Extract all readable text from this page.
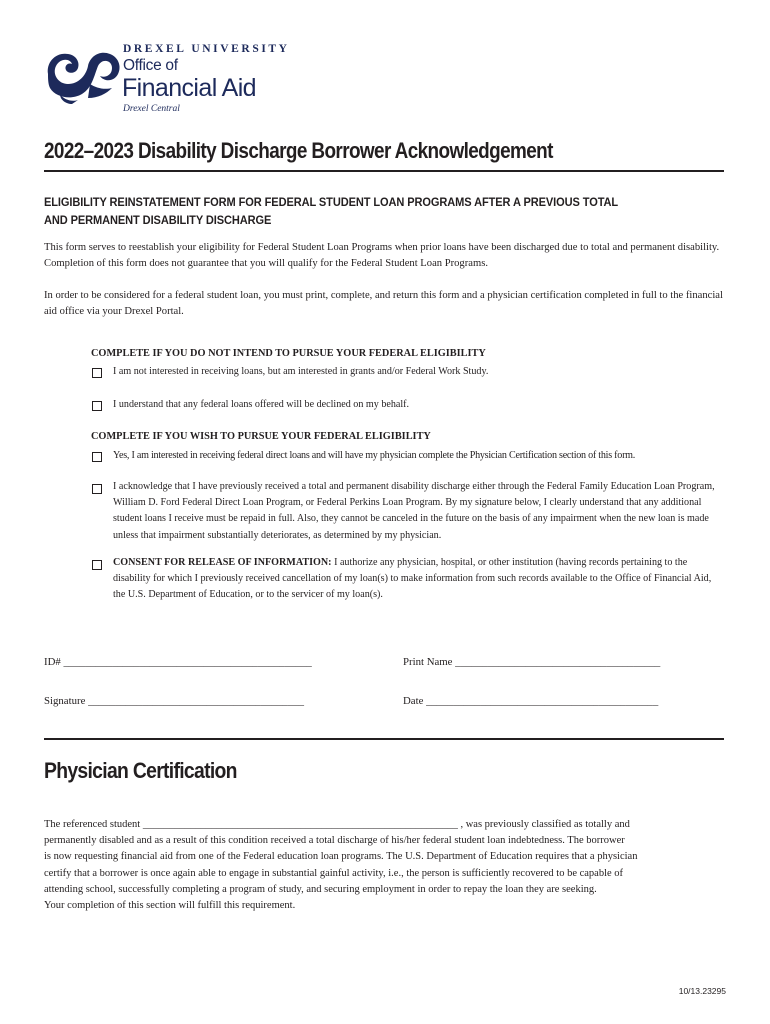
DREXEL UNIVERSITY
Office of
Financial Aid
Drexel Central
2022–2023 Disability Discharge Borrower Acknowledgement
ELIGIBILITY REINSTATEMENT FORM FOR FEDERAL STUDENT LOAN PROGRAMS AFTER A PREVIOUS TOTAL
AND PERMANENT DISABILITY DISCHARGE
This form serves to reestablish your eligibility for Federal Student Loan Programs when prior loans have been discharged due to total and permanent disability. Completion of this form does not guarantee that you will qualify for the Federal Student Loan Programs.
In order to be considered for a federal student loan, you must print, complete, and return this form and a physician certification completed in full to the financial aid office via your Drexel Portal.
COMPLETE IF YOU DO NOT INTEND TO PURSUE YOUR FEDERAL ELIGIBILITY
I am not interested in receiving loans, but am interested in grants and/or Federal Work Study.
I understand that any federal loans offered will be declined on my behalf.
COMPLETE IF YOU WISH TO PURSUE YOUR FEDERAL ELIGIBILITY
Yes, I am interested in receiving federal direct loans and will have my physician complete the Physician Certification section of this form.
I acknowledge that I have previously received a total and permanent disability discharge either through the Federal Family Education Loan Program, William D. Ford Federal Direct Loan Program, or Federal Perkins Loan Program. By my signature below, I clearly understand that any additional student loans I receive must be repaid in full. Also, they cannot be canceled in the future on the basis of any impairment when the new loan is made unless that impairment substantially deteriorates, as determined by my physician.
CONSENT FOR RELEASE OF INFORMATION: I authorize any physician, hospital, or other institution (having records pertaining to the disability for which I previously received cancellation of my loan(s) to make information from such records available to the Office of Financial Aid, the U.S. Department of Education, or to the servicer of my loan(s).
ID# ______________________________________________	Print Name ______________________________________
Signature ________________________________________	Date ___________________________________________
Physician Certification
The referenced student ____________________________________________________________ , was previously classified as totally and
permanently disabled and as a result of this condition received a total discharge of his/her federal student loan indebtedness. The borrower
is now requesting financial aid from one of the Federal education loan programs. The U.S. Department of Education requires that a physician
certify that a borrower is once again able to engage in substantial gainful activity, i.e., the person is sufficiently recovered to be capable of
attending school, successfully completing a program of study, and securing employment in order to repay the loan they are seeking.
Your completion of this section will fulfill this requirement.
10/13.23295
